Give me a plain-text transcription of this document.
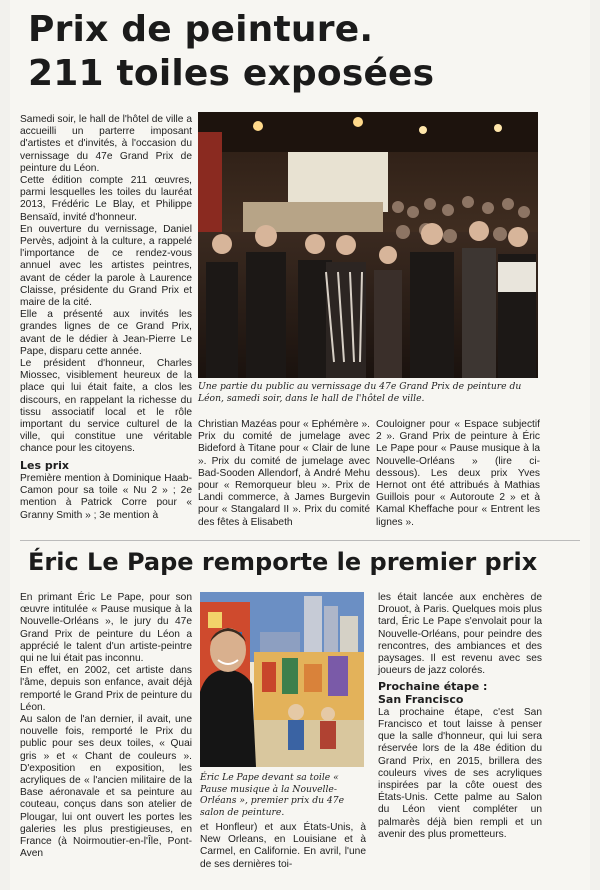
Prix de peinture.
211 toiles exposées

Samedi soir, le hall de l'hôtel de ville a accueilli un parterre imposant d'artistes et d'invités, à l'occasion du vernissage du 47e Grand Prix de peinture du Léon.

Cette édition compte 211 œuvres, parmi lesquelles les toiles du lauréat 2013, Frédéric Le Blay, et Philippe Bensaïd, invité d'honneur.

En ouverture du vernissage, Daniel Pervès, adjoint à la culture, a rappelé l'importance de ce rendez-vous annuel avec les artistes peintres, avant de céder la parole à Laurence Claisse, présidente du Grand Prix et maire de la cité.

Elle a présenté aux invités les grandes lignes de ce Grand Prix, avant de le dédier à Jean-Pierre Le Pape, disparu cette année.

Le président d'honneur, Charles Miossec, visiblement heureux de la place qui lui était faite, a clos les discours, en rappelant la richesse du tissu associatif local et le rôle important du service culturel de la ville, qui constitue une véritable chance pour les citoyens.

Les prix

Première mention à Dominique Haab-Camon pour sa toile « Nu 2 » ; 2e mention à Patrick Corre pour « Granny Smith » ; 3e mention à

Une partie du public au vernissage du 47e Grand Prix de peinture du Léon, samedi soir, dans le hall de l'hôtel de ville.

Christian Mazéas pour « Ephémère ». Prix du comité de jumelage avec Bideford à Titane pour « Clair de lune ». Prix du comité de jumelage avec Bad-Sooden Allendorf, à André Mehu pour « Remorqueur bleu ». Prix de Landi commerce, à James Burgevin pour « Stangalard II ». Prix du comité des fêtes à Elisabeth

Couloigner pour « Espace subjectif 2 ». Grand Prix de peinture à Éric Le Pape pour « Pause musique à la Nouvelle-Orléans » (lire ci-dessous). Les deux prix Yves Hernot ont été attribués à Mathias Guillois pour « Autoroute 2 » et à Kamal Kheffache pour « Entrent les lignes ».

Éric Le Pape remporte le premier prix

En primant Éric Le Pape, pour son œuvre intitulée « Pause musique à la Nouvelle-Orléans », le jury du 47e Grand Prix de peinture du Léon a apprécié le talent d'un artiste-peintre qui ne lui était pas inconnu.

En effet, en 2002, cet artiste dans l'âme, depuis son enfance, avait déjà remporté le Grand Prix de peinture du Léon.

Au salon de l'an dernier, il avait, une nouvelle fois, remporté le Prix du public pour ses deux toiles, « Quai gris » et « Chant de couleurs ». D'exposition en exposition, les acryliques de « l'ancien militaire de la Base aéronavale et sa peinture au couteau, conçus dans son atelier de Plougar, lui ont ouvert les portes les galeries les plus prestigieuses, en France (à Noirmoutier-en-l'Île, Pont-Aven

Éric Le Pape devant sa toile « Pause musique à la Nouvelle-Orléans », premier prix du 47e salon de peinture.

et Honfleur) et aux États-Unis, à New Orleans, en Louisiane et à Carmel, en Californie. En avril, l'une de ses dernières toi-

les était lancée aux enchères de Drouot, à Paris. Quelques mois plus tard, Éric Le Pape s'envolait pour la Nouvelle-Orléans, pour peindre des rencontres, des ambiances et des paysages. Il est revenu avec ses joueurs de jazz colorés.

Prochaine étape :
San Francisco

La prochaine étape, c'est San Francisco et tout laisse à penser que la salle d'honneur, qui lui sera réservée lors de la 48e édition du Grand Prix, en 2015, brillera des couleurs vives de ses acryliques inspirées par la côte ouest des États-Unis. Cette palme au Salon du Léon vient compléter un palmarès déjà bien rempli et un avenir des plus prometteurs.
